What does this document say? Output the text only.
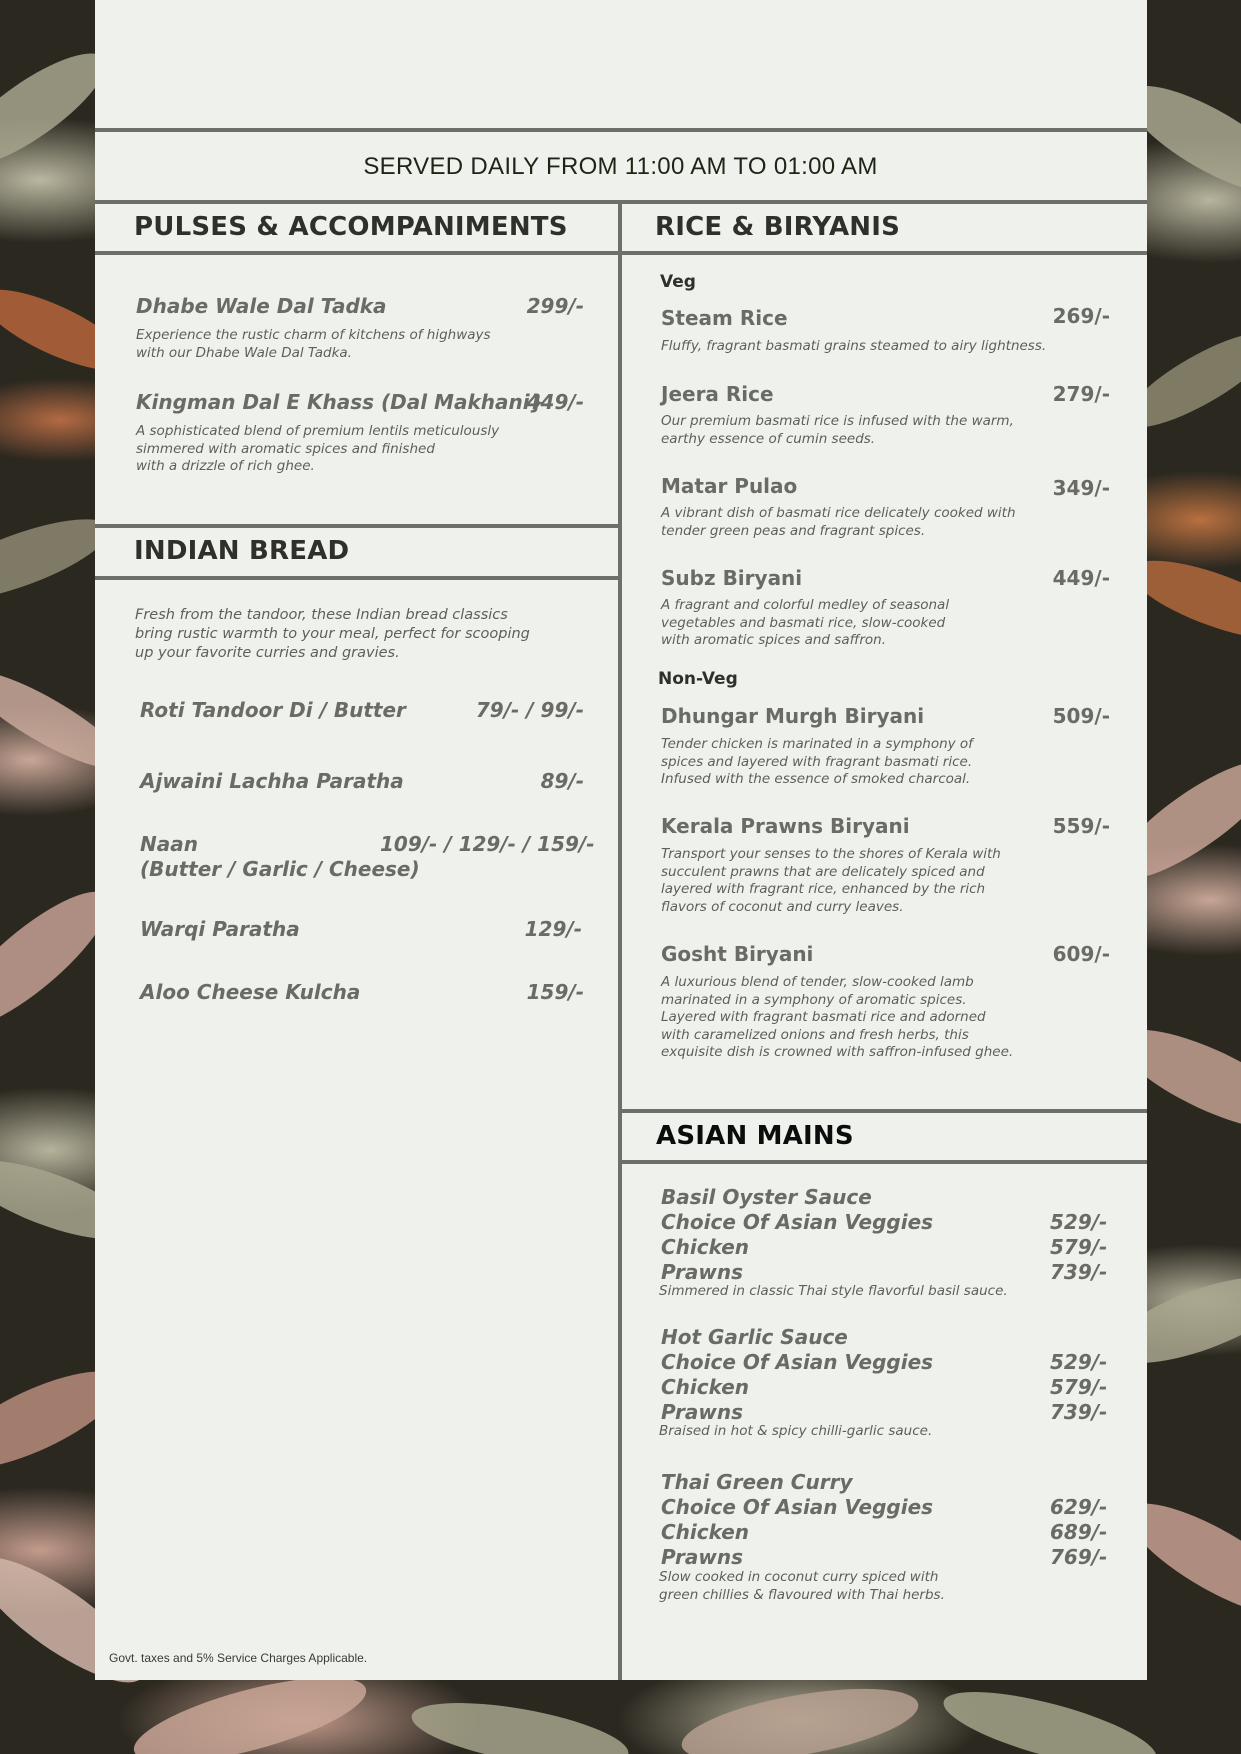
SERVED DAILY FROM 11:00 AM TO 01:00 AM
PULSES & ACCOMPANIMENTS
Dhabe Wale Dal Tadka	299/-
Experience the rustic charm of kitchens of highways
with our Dhabe Wale Dal Tadka.
Kingman Dal E Khass (Dal Makhani}
449/-
A sophisticated blend of premium lentils meticulously
simmered with aromatic spices and finished
with a drizzle of rich ghee.
INDIAN BREAD
Fresh from the tandoor, these Indian bread classics
bring rustic warmth to your meal, perfect for scooping
up your favorite curries and gravies.
Roti Tandoor Di / Butter	79/- / 99/-
Ajwaini Lachha Paratha	89/-
Naan
(Butter / Garlic / Cheese)
109/- / 129/- / 159/-
Warqi Paratha	129/-
Aloo Cheese Kulcha	159/-
RICE & BIRYANIS
Veg
Steam Rice	269/-
Fluffy, fragrant basmati grains steamed to airy lightness.
Jeera Rice	279/-
Our premium basmati rice is infused with the warm,
earthy essence of cumin seeds.
Matar Pulao	349/-
A vibrant dish of basmati rice delicately cooked with
tender green peas and fragrant spices.
Subz Biryani	449/-
A fragrant and colorful medley of seasonal
vegetables and basmati rice, slow-cooked
with aromatic spices and saffron.
Non-Veg
Dhungar Murgh Biryani	509/-
Tender chicken is marinated in a symphony of
spices and layered with fragrant basmati rice.
Infused with the essence of smoked charcoal.
Kerala Prawns Biryani	559/-
Transport your senses to the shores of Kerala with
succulent prawns that are delicately spiced and
layered with fragrant rice, enhanced by the rich
flavors of coconut and curry leaves.
Gosht Biryani	609/-
A luxurious blend of tender, slow-cooked lamb
marinated in a symphony of aromatic spices.
Layered with fragrant basmati rice and adorned
with caramelized onions and fresh herbs, this
exquisite dish is crowned with saffron-infused ghee.
ASIAN MAINS
Basil Oyster Sauce
Choice Of Asian Veggies	529/-
Chicken	579/-
Prawns	739/-
Simmered in classic Thai style flavorful basil sauce.
Hot Garlic Sauce
Choice Of Asian Veggies	529/-
Chicken	579/-
Prawns	739/-
Braised in hot & spicy chilli-garlic sauce.
Thai Green Curry
Choice Of Asian Veggies	629/-
Chicken	689/-
Prawns	769/-
Slow cooked in coconut curry spiced with
green chillies & flavoured with Thai herbs.
Govt. taxes and 5% Service Charges Applicable.
